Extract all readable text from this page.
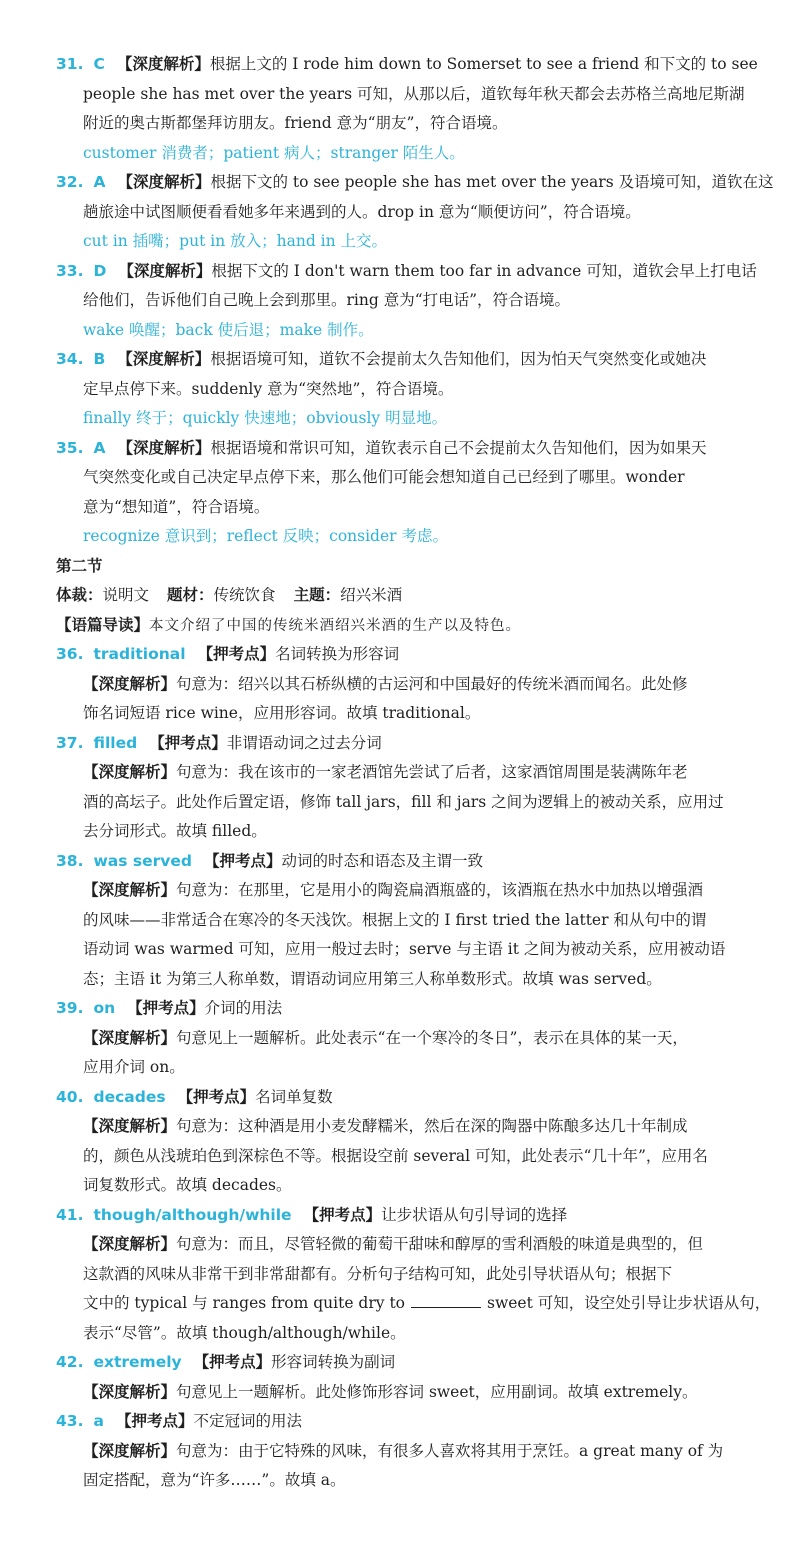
31. C 【深度解析】根据上文的 I rode him down to Somerset to see a friend 和下文的 to see
people she has met over the years 可知，从那以后，道钦每年秋天都会去苏格兰高地尼斯湖
附近的奥古斯都堡拜访朋友。friend 意为“朋友”，符合语境。
customer 消费者；patient 病人；stranger 陌生人。
32. A 【深度解析】根据下文的 to see people she has met over the years 及语境可知，道钦在这
趟旅途中试图顺便看看她多年来遇到的人。drop in 意为“顺便访问”，符合语境。
cut in 插嘴；put in 放入；hand in 上交。
33. D 【深度解析】根据下文的 I don't warn them too far in advance 可知，道钦会早上打电话
给他们，告诉他们自己晚上会到那里。ring 意为“打电话”，符合语境。
wake 唤醒；back 使后退；make 制作。
34. B 【深度解析】根据语境可知，道钦不会提前太久告知他们，因为怕天气突然变化或她决
定早点停下来。suddenly 意为“突然地”，符合语境。
finally 终于；quickly 快速地；obviously 明显地。
35. A 【深度解析】根据语境和常识可知，道钦表示自己不会提前太久告知他们，因为如果天
气突然变化或自己决定早点停下来，那么他们可能会想知道自己已经到了哪里。wonder
意为“想知道”，符合语境。
recognize 意识到；reflect 反映；consider 考虑。
第二节
体裁：说明文 题材：传统饮食 主题：绍兴米酒
【语篇导读】本文介绍了中国的传统米酒绍兴米酒的生产以及特色。
36. traditional 【押考点】名词转换为形容词
【深度解析】句意为：绍兴以其石桥纵横的古运河和中国最好的传统米酒而闻名。此处修
饰名词短语 rice wine，应用形容词。故填 traditional。
37. filled 【押考点】非谓语动词之过去分词
【深度解析】句意为：我在该市的一家老酒馆先尝试了后者，这家酒馆周围是装满陈年老
酒的高坛子。此处作后置定语，修饰 tall jars，fill 和 jars 之间为逻辑上的被动关系，应用过
去分词形式。故填 filled。
38. was served 【押考点】动词的时态和语态及主谓一致
【深度解析】句意为：在那里，它是用小的陶瓷扁酒瓶盛的，该酒瓶在热水中加热以增强酒
的风味——非常适合在寒冷的冬天浅饮。根据上文的 I first tried the latter 和从句中的谓
语动词 was warmed 可知，应用一般过去时；serve 与主语 it 之间为被动关系，应用被动语
态；主语 it 为第三人称单数，谓语动词应用第三人称单数形式。故填 was served。
39. on 【押考点】介词的用法
【深度解析】句意见上一题解析。此处表示“在一个寒冷的冬日”，表示在具体的某一天，
应用介词 on。
40. decades 【押考点】名词单复数
【深度解析】句意为：这种酒是用小麦发酵糯米，然后在深的陶器中陈酿多达几十年制成
的，颜色从浅琥珀色到深棕色不等。根据设空前 several 可知，此处表示“几十年”，应用名
词复数形式。故填 decades。
41. though/although/while 【押考点】让步状语从句引导词的选择
【深度解析】句意为：而且，尽管轻微的葡萄干甜味和醇厚的雪利酒般的味道是典型的，但
这款酒的风味从非常干到非常甜都有。分析句子结构可知，此处引导状语从句；根据下
文中的 typical 与 ranges from quite dry to	sweet 可知，设空处引导让步状语从句，
表示“尽管”。故填 though/although/while。
42. extremely 【押考点】形容词转换为副词
【深度解析】句意见上一题解析。此处修饰形容词 sweet，应用副词。故填 extremely。
43. a 【押考点】不定冠词的用法
【深度解析】句意为：由于它特殊的风味，有很多人喜欢将其用于烹饪。a great many of 为
固定搭配，意为“许多……”。故填 a。
